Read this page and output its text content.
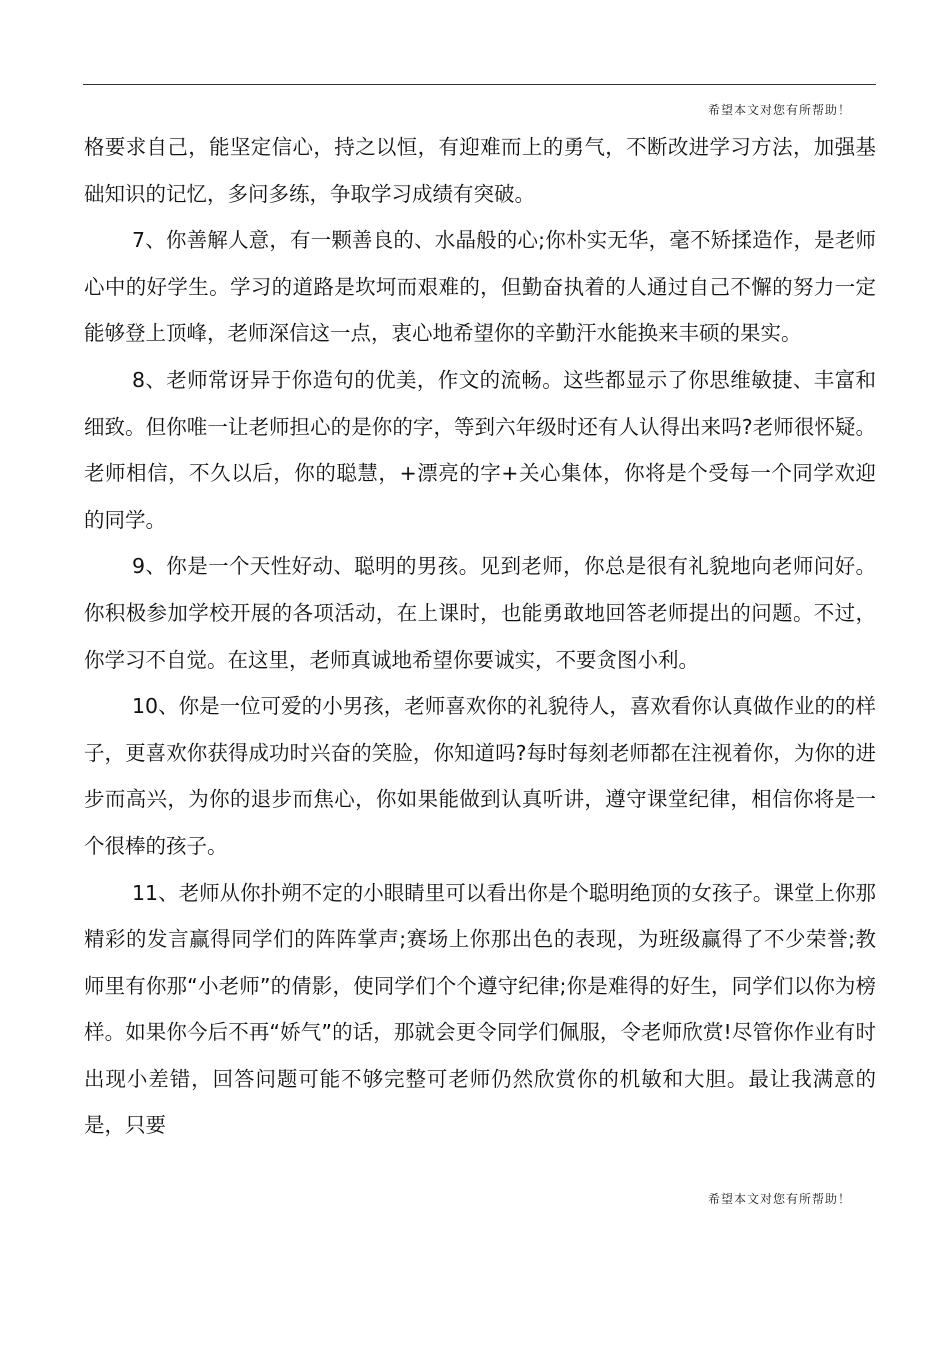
希望本文对您有所帮助！

格要求自己，能坚定信心，持之以恒，有迎难而上的勇气，不断改进学习方法，加强基础知识的记忆，多问多练，争取学习成绩有突破。

7、你善解人意，有一颗善良的、水晶般的心;你朴实无华，毫不矫揉造作，是老师心中的好学生。学习的道路是坎坷而艰难的，但勤奋执着的人通过自己不懈的努力一定能够登上顶峰，老师深信这一点，衷心地希望你的辛勤汗水能换来丰硕的果实。

8、老师常讶异于你造句的优美，作文的流畅。这些都显示了你思维敏捷、丰富和细致。但你唯一让老师担心的是你的字，等到六年级时还有人认得出来吗?老师很怀疑。老师相信，不久以后，你的聪慧，+漂亮的字+关心集体，你将是个受每一个同学欢迎的同学。

9、你是一个天性好动、聪明的男孩。见到老师，你总是很有礼貌地向老师问好。你积极参加学校开展的各项活动，在上课时，也能勇敢地回答老师提出的问题。不过，你学习不自觉。在这里，老师真诚地希望你要诚实，不要贪图小利。

10、你是一位可爱的小男孩，老师喜欢你的礼貌待人，喜欢看你认真做作业的的样子，更喜欢你获得成功时兴奋的笑脸，你知道吗?每时每刻老师都在注视着你，为你的进步而高兴，为你的退步而焦心，你如果能做到认真听讲，遵守课堂纪律，相信你将是一个很棒的孩子。

11、老师从你扑朔不定的小眼睛里可以看出你是个聪明绝顶的女孩子。课堂上你那精彩的发言赢得同学们的阵阵掌声;赛场上你那出色的表现，为班级赢得了不少荣誉;教师里有你那“小老师”的倩影，使同学们个个遵守纪律;你是难得的好生，同学们以你为榜样。如果你今后不再“娇气”的话，那就会更令同学们佩服，令老师欣赏!尽管你作业有时出现小差错，回答问题可能不够完整可老师仍然欣赏你的机敏和大胆。最让我满意的是，只要

希望本文对您有所帮助！
